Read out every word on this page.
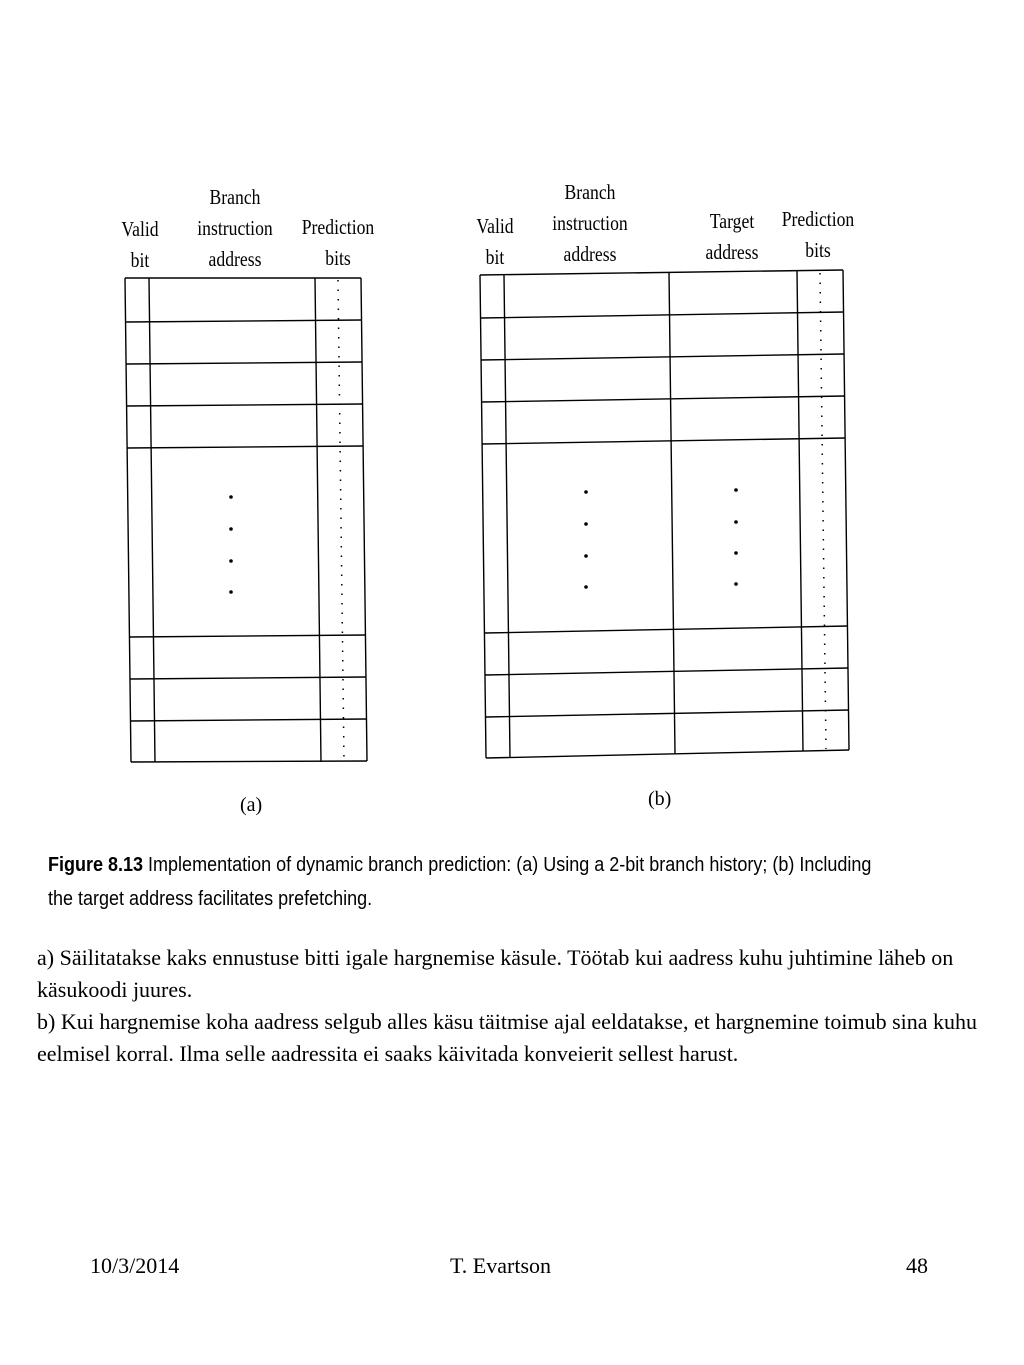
Valid
bit
Branch
instruction
address
Prediction
bits
(a)
Valid
bit
Branch
instruction
address
Target
address
Prediction
bits
(b)
Figure 8.13 Implementation of dynamic branch prediction: (a) Using a 2-bit branch history; (b) Including
the target address facilitates prefetching.
a) Säilitatakse kaks ennustuse bitti igale hargnemise käsule. Töötab kui aadress kuhu juhtimine läheb on käsukoodi juures.
b) Kui hargnemise koha aadress selgub alles käsu täitmise ajal eeldatakse, et hargnemine toimub sina kuhu eelmisel korral. Ilma selle aadressita ei saaks käivitada konveierit sellest harust.
10/3/2014	T. Evartson	48
